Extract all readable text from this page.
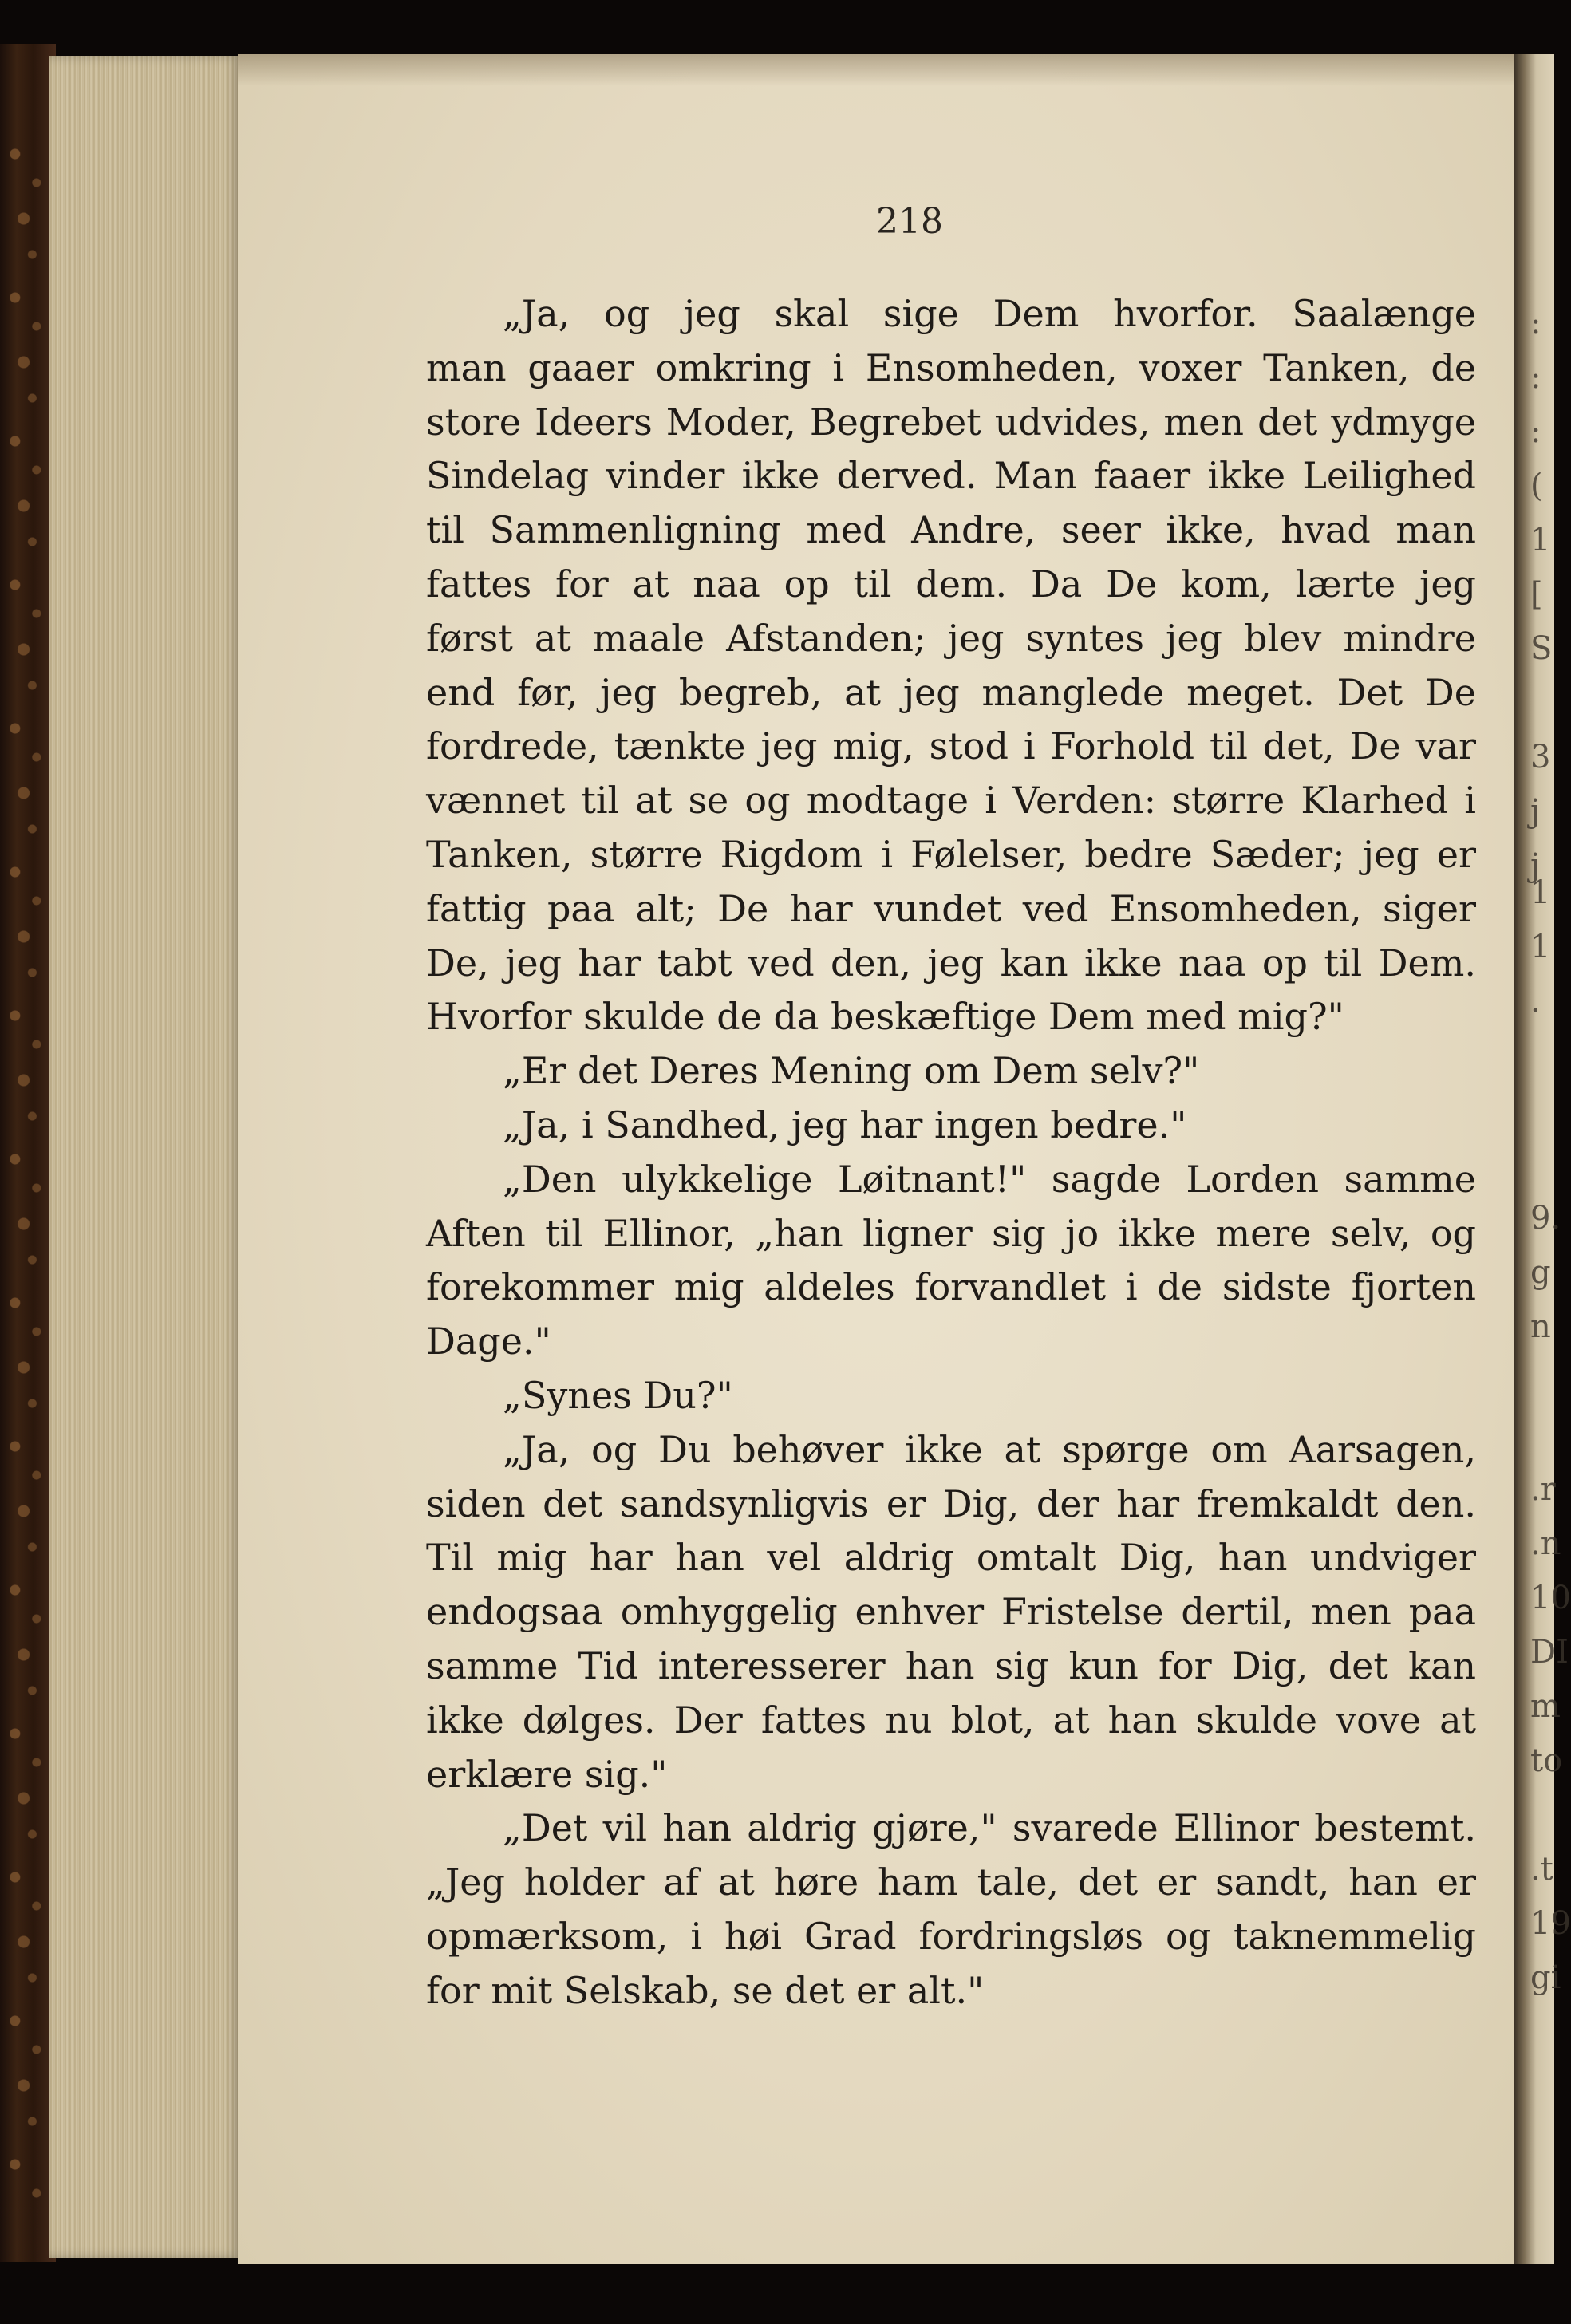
218
„Ja, og jeg skal sige Dem hvorfor. Saalænge
man gaaer omkring i Ensomheden, voxer Tanken, de
store Ideers Moder, Begrebet udvides, men det ydmyge
Sindelag vinder ikke derved. Man faaer ikke Leilighed
til Sammenligning med Andre, seer ikke, hvad man
fattes for at naa op til dem. Da De kom, lærte jeg
først at maale Afstanden; jeg syntes jeg blev mindre
end før, jeg begreb, at jeg manglede meget. Det De
fordrede, tænkte jeg mig, stod i Forhold til det, De var
vænnet til at se og modtage i Verden: større Klarhed i
Tanken, større Rigdom i Følelser, bedre Sæder; jeg er
fattig paa alt; De har vundet ved Ensomheden, siger
De, jeg har tabt ved den, jeg kan ikke naa op til Dem.
Hvorfor skulde de da beskæftige Dem med mig?"
„Er det Deres Mening om Dem selv?"
„Ja, i Sandhed, jeg har ingen bedre."
„Den ulykkelige Løitnant!" sagde Lorden samme
Aften til Ellinor, „han ligner sig jo ikke mere selv, og
forekommer mig aldeles forvandlet i de sidste fjorten
Dage."
„Synes Du?"
„Ja, og Du behøver ikke at spørge om Aarsagen,
siden det sandsynligvis er Dig, der har fremkaldt den.
Til mig har han vel aldrig omtalt Dig, han undviger
endogsaa omhyggelig enhver Fristelse dertil, men paa
samme Tid interesserer han sig kun for Dig, det kan
ikke dølges. Der fattes nu blot, at han skulde vove at
erklære sig."
„Det vil han aldrig gjøre," svarede Ellinor bestemt.
„Jeg holder af at høre ham tale, det er sandt, han er
opmærksom, i høi Grad fordringsløs og taknemmelig
for mit Selskab, se det er alt."
:
:
:
(
1
[
S
3
j
j
1
1
.
9.
g
n
.r
.n
10
DI
m
to
.t
19
gi
